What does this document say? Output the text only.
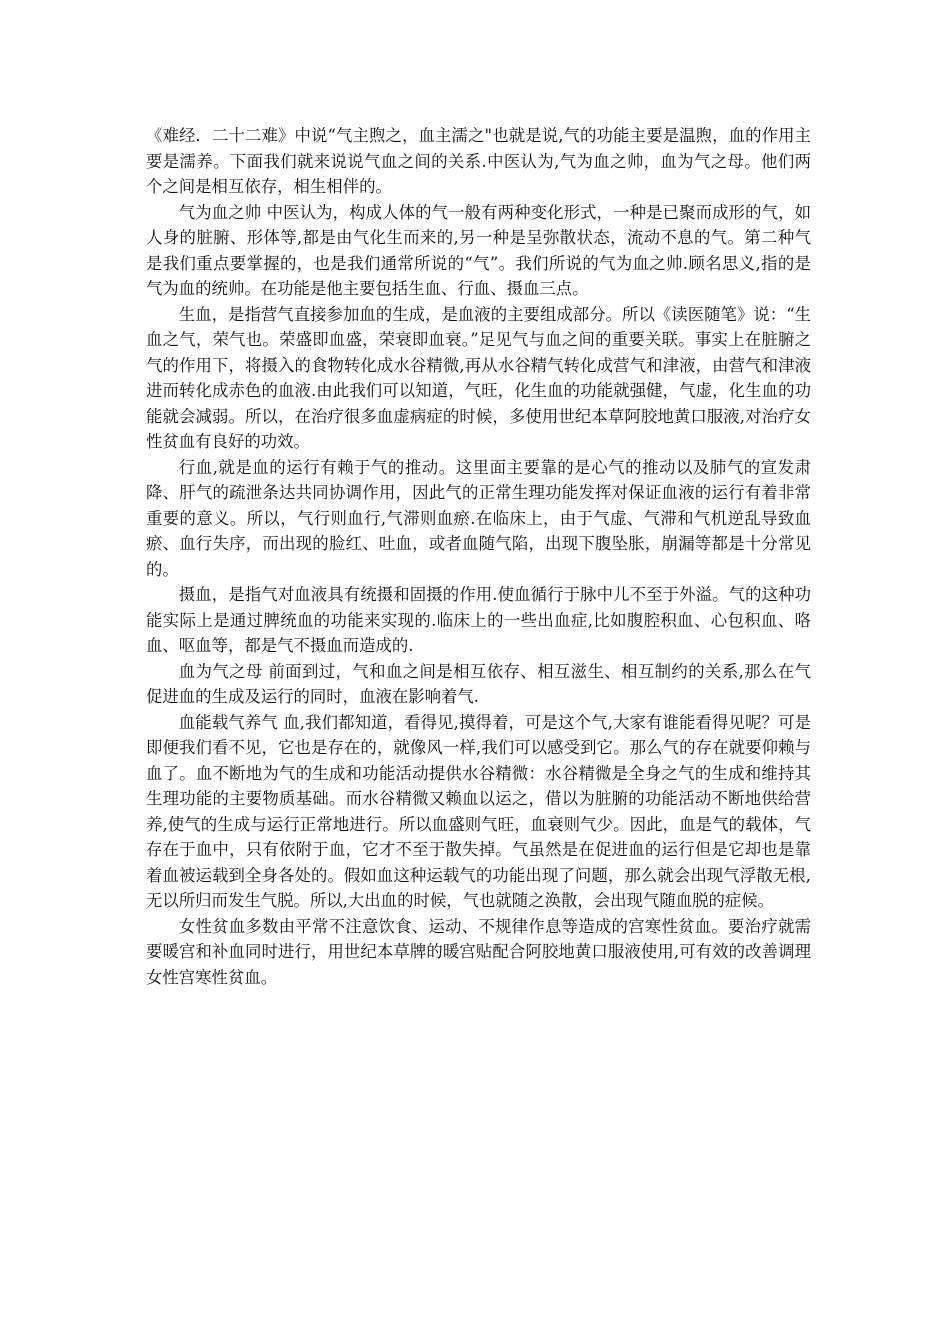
《难经．二十二难》中说“气主煦之，血主濡之"也就是说,气的功能主要是温煦，血的作用主要是濡养。下面我们就来说说气血之间的关系.中医认为,气为血之帅，血为气之母。他们两个之间是相互依存，相生相伴的。

气为血之帅 中医认为，构成人体的气一般有两种变化形式，一种是已聚而成形的气，如人身的脏腑、形体等,都是由气化生而来的,另一种是呈弥散状态，流动不息的气。第二种气是我们重点要掌握的，也是我们通常所说的“气”。我们所说的气为血之帅.顾名思义,指的是气为血的统帅。在功能是他主要包括生血、行血、摄血三点。

生血，是指营气直接参加血的生成，是血液的主要组成部分。所以《读医随笔》说：“生血之气，荣气也。荣盛即血盛，荣衰即血衰。”足见气与血之间的重要关联。事实上在脏腑之气的作用下，将摄入的食物转化成水谷精微,再从水谷精气转化成营气和津液，由营气和津液进而转化成赤色的血液.由此我们可以知道，气旺，化生血的功能就强健，气虚，化生血的功能就会减弱。所以，在治疗很多血虚病症的时候，多使用世纪本草阿胶地黄口服液,对治疗女性贫血有良好的功效。

行血,就是血的运行有赖于气的推动。这里面主要靠的是心气的推动以及肺气的宣发肃降、肝气的疏泄条达共同协调作用，因此气的正常生理功能发挥对保证血液的运行有着非常重要的意义。所以，气行则血行,气滞则血瘀.在临床上，由于气虚、气滞和气机逆乱导致血瘀、血行失序，而出现的脸红、吐血，或者血随气陷，出现下腹坠胀，崩漏等都是十分常见的。

摄血，是指气对血液具有统摄和固摄的作用.使血循行于脉中儿不至于外溢。气的这种功能实际上是通过脾统血的功能来实现的.临床上的一些出血症,比如腹腔积血、心包积血、咯血、呕血等，都是气不摄血而造成的.

血为气之母 前面到过，气和血之间是相互依存、相互滋生、相互制约的关系,那么在气促进血的生成及运行的同时，血液在影响着气.

血能载气养气 血,我们都知道，看得见,摸得着，可是这个气,大家有谁能看得见呢？可是即便我们看不见，它也是存在的，就像风一样,我们可以感受到它。那么气的存在就要仰赖与血了。血不断地为气的生成和功能活动提供水谷精微：水谷精微是全身之气的生成和维持其生理功能的主要物质基础。而水谷精微又赖血以运之，借以为脏腑的功能活动不断地供给营养,使气的生成与运行正常地进行。所以血盛则气旺，血衰则气少。因此，血是气的载体，气存在于血中，只有依附于血，它才不至于散失掉。气虽然是在促进血的运行但是它却也是靠着血被运载到全身各处的。假如血这种运载气的功能出现了问题，那么就会出现气浮散无根,无以所归而发生气脱。所以,大出血的时候，气也就随之涣散，会出现气随血脱的症候。

女性贫血多数由平常不注意饮食、运动、不规律作息等造成的宫寒性贫血。要治疗就需要暖宫和补血同时进行，用世纪本草牌的暖宫贴配合阿胶地黄口服液使用,可有效的改善调理女性宫寒性贫血。
